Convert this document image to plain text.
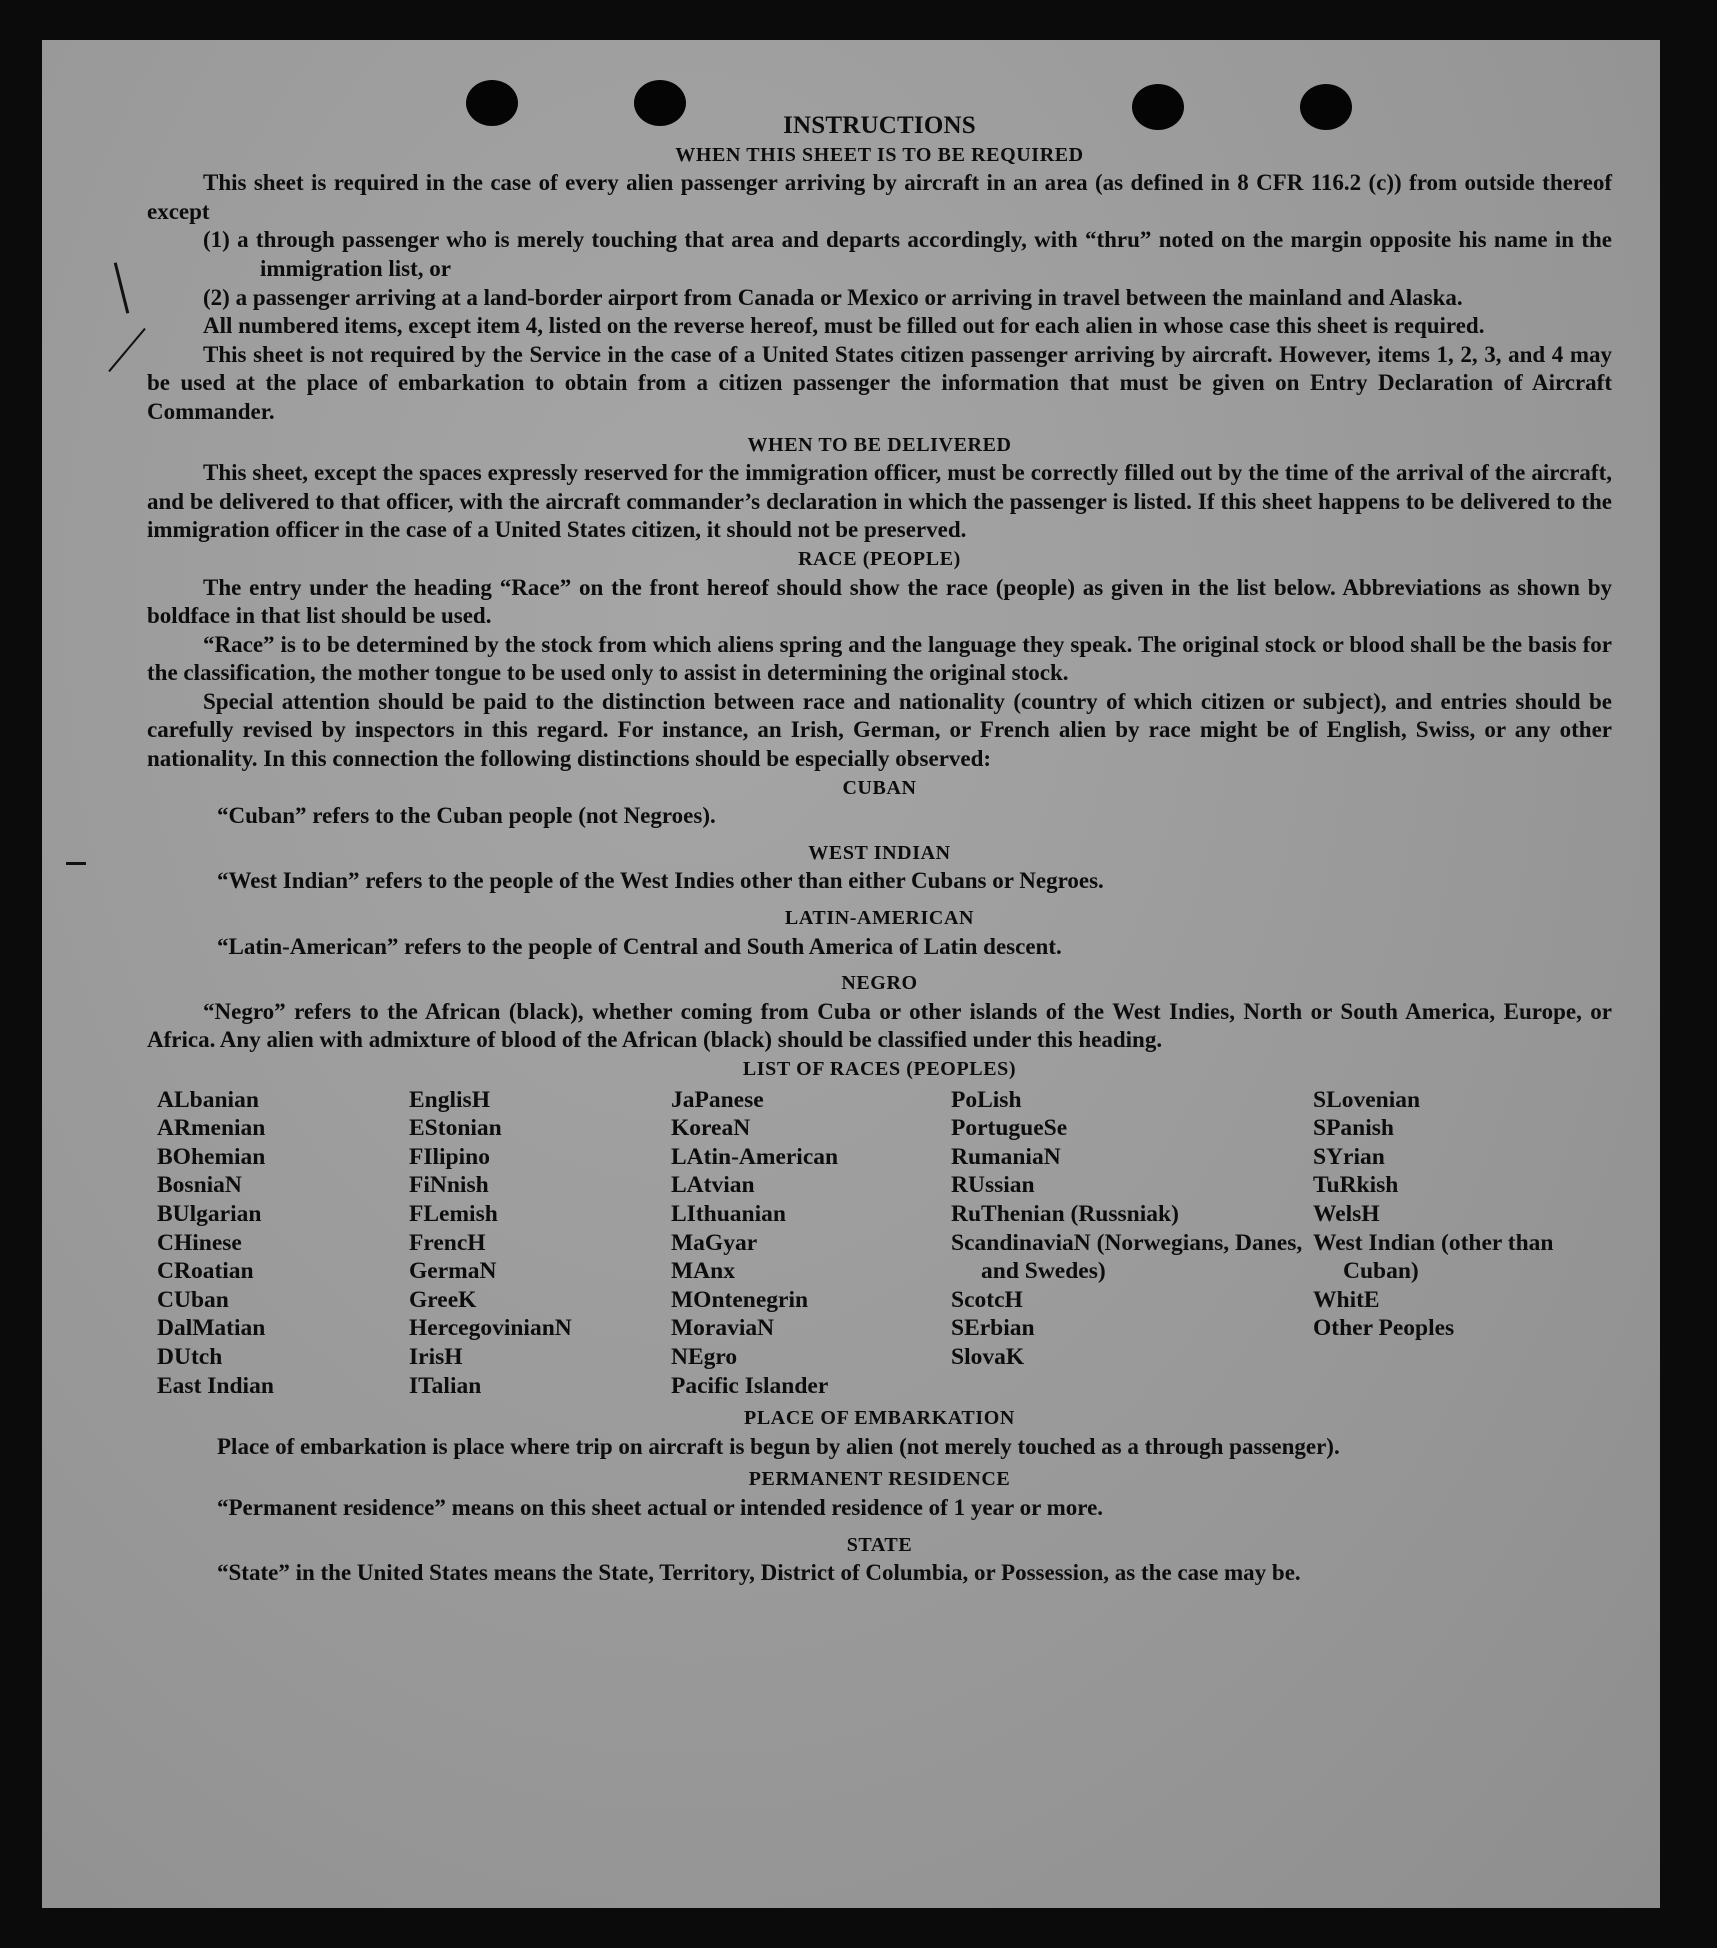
INSTRUCTIONS
WHEN THIS SHEET IS TO BE REQUIRED

This sheet is required in the case of every alien passenger arriving by aircraft in an area (as defined in 8 CFR 116.2 (c)) from outside thereof except

(1) a through passenger who is merely touching that area and departs accordingly, with “thru” noted on the margin opposite his name in the immigration list, or

(2) a passenger arriving at a land-border airport from Canada or Mexico or arriving in travel between the mainland and Alaska.

All numbered items, except item 4, listed on the reverse hereof, must be filled out for each alien in whose case this sheet is required.

This sheet is not required by the Service in the case of a United States citizen passenger arriving by aircraft. However, items 1, 2, 3, and 4 may be used at the place of embarkation to obtain from a citizen passenger the information that must be given on Entry Declaration of Aircraft Commander.

WHEN TO BE DELIVERED

This sheet, except the spaces expressly reserved for the immigration officer, must be correctly filled out by the time of the arrival of the aircraft, and be delivered to that officer, with the aircraft commander’s declaration in which the passenger is listed. If this sheet happens to be delivered to the immigration officer in the case of a United States citizen, it should not be preserved.

RACE (PEOPLE)

The entry under the heading “Race” on the front hereof should show the race (people) as given in the list below. Abbreviations as shown by boldface in that list should be used.

“Race” is to be determined by the stock from which aliens spring and the language they speak. The original stock or blood shall be the basis for the classification, the mother tongue to be used only to assist in determining the original stock.

Special attention should be paid to the distinction between race and nationality (country of which citizen or subject), and entries should be carefully revised by inspectors in this regard. For instance, an Irish, German, or French alien by race might be of English, Swiss, or any other nationality. In this connection the following distinctions should be especially observed:

CUBAN

“Cuban” refers to the Cuban people (not Negroes).

WEST INDIAN

“West Indian” refers to the people of the West Indies other than either Cubans or Negroes.

LATIN-AMERICAN

“Latin-American” refers to the people of Central and South America of Latin descent.

NEGRO

“Negro” refers to the African (black), whether coming from Cuba or other islands of the West Indies, North or South America, Europe, or Africa. Any alien with admixture of blood of the African (black) should be classified under this heading.

LIST OF RACES (PEOPLES)
ALbanian
ARmenian
BOhemian
BosniaN
BUlgarian
CHinese
CRoatian
CUban
DalMatian
DUtch
East Indian
EnglisH
EStonian
FIlipino
FiNnish
FLemish
FrencH
GermaN
GreeK
HercegovinianN
IrisH
ITalian
JaPanese
KoreaN
LAtin-American
LAtvian
LIthuanian
MaGyar
MAnx
MOntenegrin
MoraviaN
NEgro
Pacific Islander
PoLish
PortugueSe
RumaniaN
RUssian
RuThenian (Russniak)
ScandinaviaN (Norwegians, Danes, and Swedes)
ScotcH
SErbian
SlovaK
SLovenian
SPanish
SYrian
TuRkish
WelsH
West Indian (other than Cuban)
WhitE
Other Peoples
PLACE OF EMBARKATION

Place of embarkation is place where trip on aircraft is begun by alien (not merely touched as a through passenger).

PERMANENT RESIDENCE

“Permanent residence” means on this sheet actual or intended residence of 1 year or more.

STATE

“State” in the United States means the State, Territory, District of Columbia, or Possession, as the case may be.
